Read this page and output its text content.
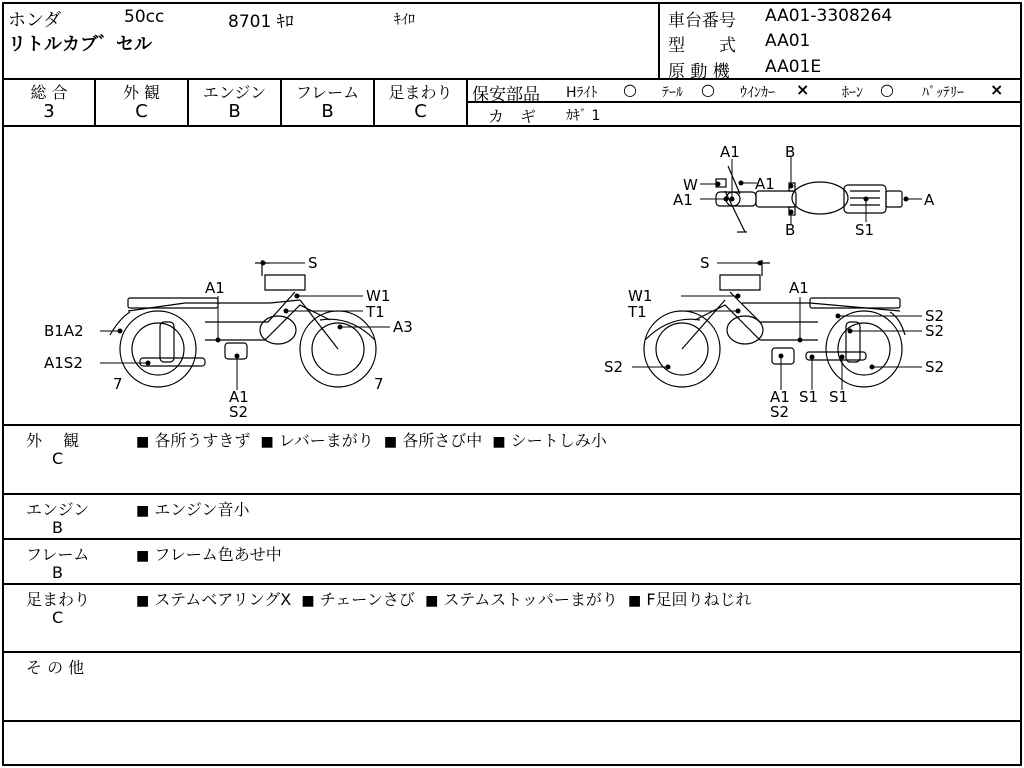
ホンダ	50cc	8701 ｷﾛ	ｷｲﾛ
リトルカブ゛セル
車台番号 AA01-3308264
型　　式 AA01
原 動 機 AA01E
総 合
3
外 観
C
エンジン
B
フレーム
B
足まわり
C
保安部品 Hﾗｲﾄ ○ ﾃｰﾙ ○ ｳｲﾝｶｰ × ﾎｰﾝ ○ ﾊﾞｯﾃﾘｰ ×
カ　ギ ｶｷﾞ 1
A1	B
W	A1
A1	A
B	S1
S
A1	W1
T1
B1A2	A3
A1S2
7	7
A1
S2
S
W1
T1
A1
S2
S2
S2	S2
A1 S1 S1
S2
外　 観
C
■ 各所うすきず ■ レバーまがり ■ 各所さび中 ■ シートしみ小
エンジン
B
■ エンジン音小
フレーム
B
■ フレーム色あせ中
足まわり
C
■ ステムベアリングX ■ チェーンさび ■ ステムストッパーまがり ■ F足回りねじれ
そ の 他
